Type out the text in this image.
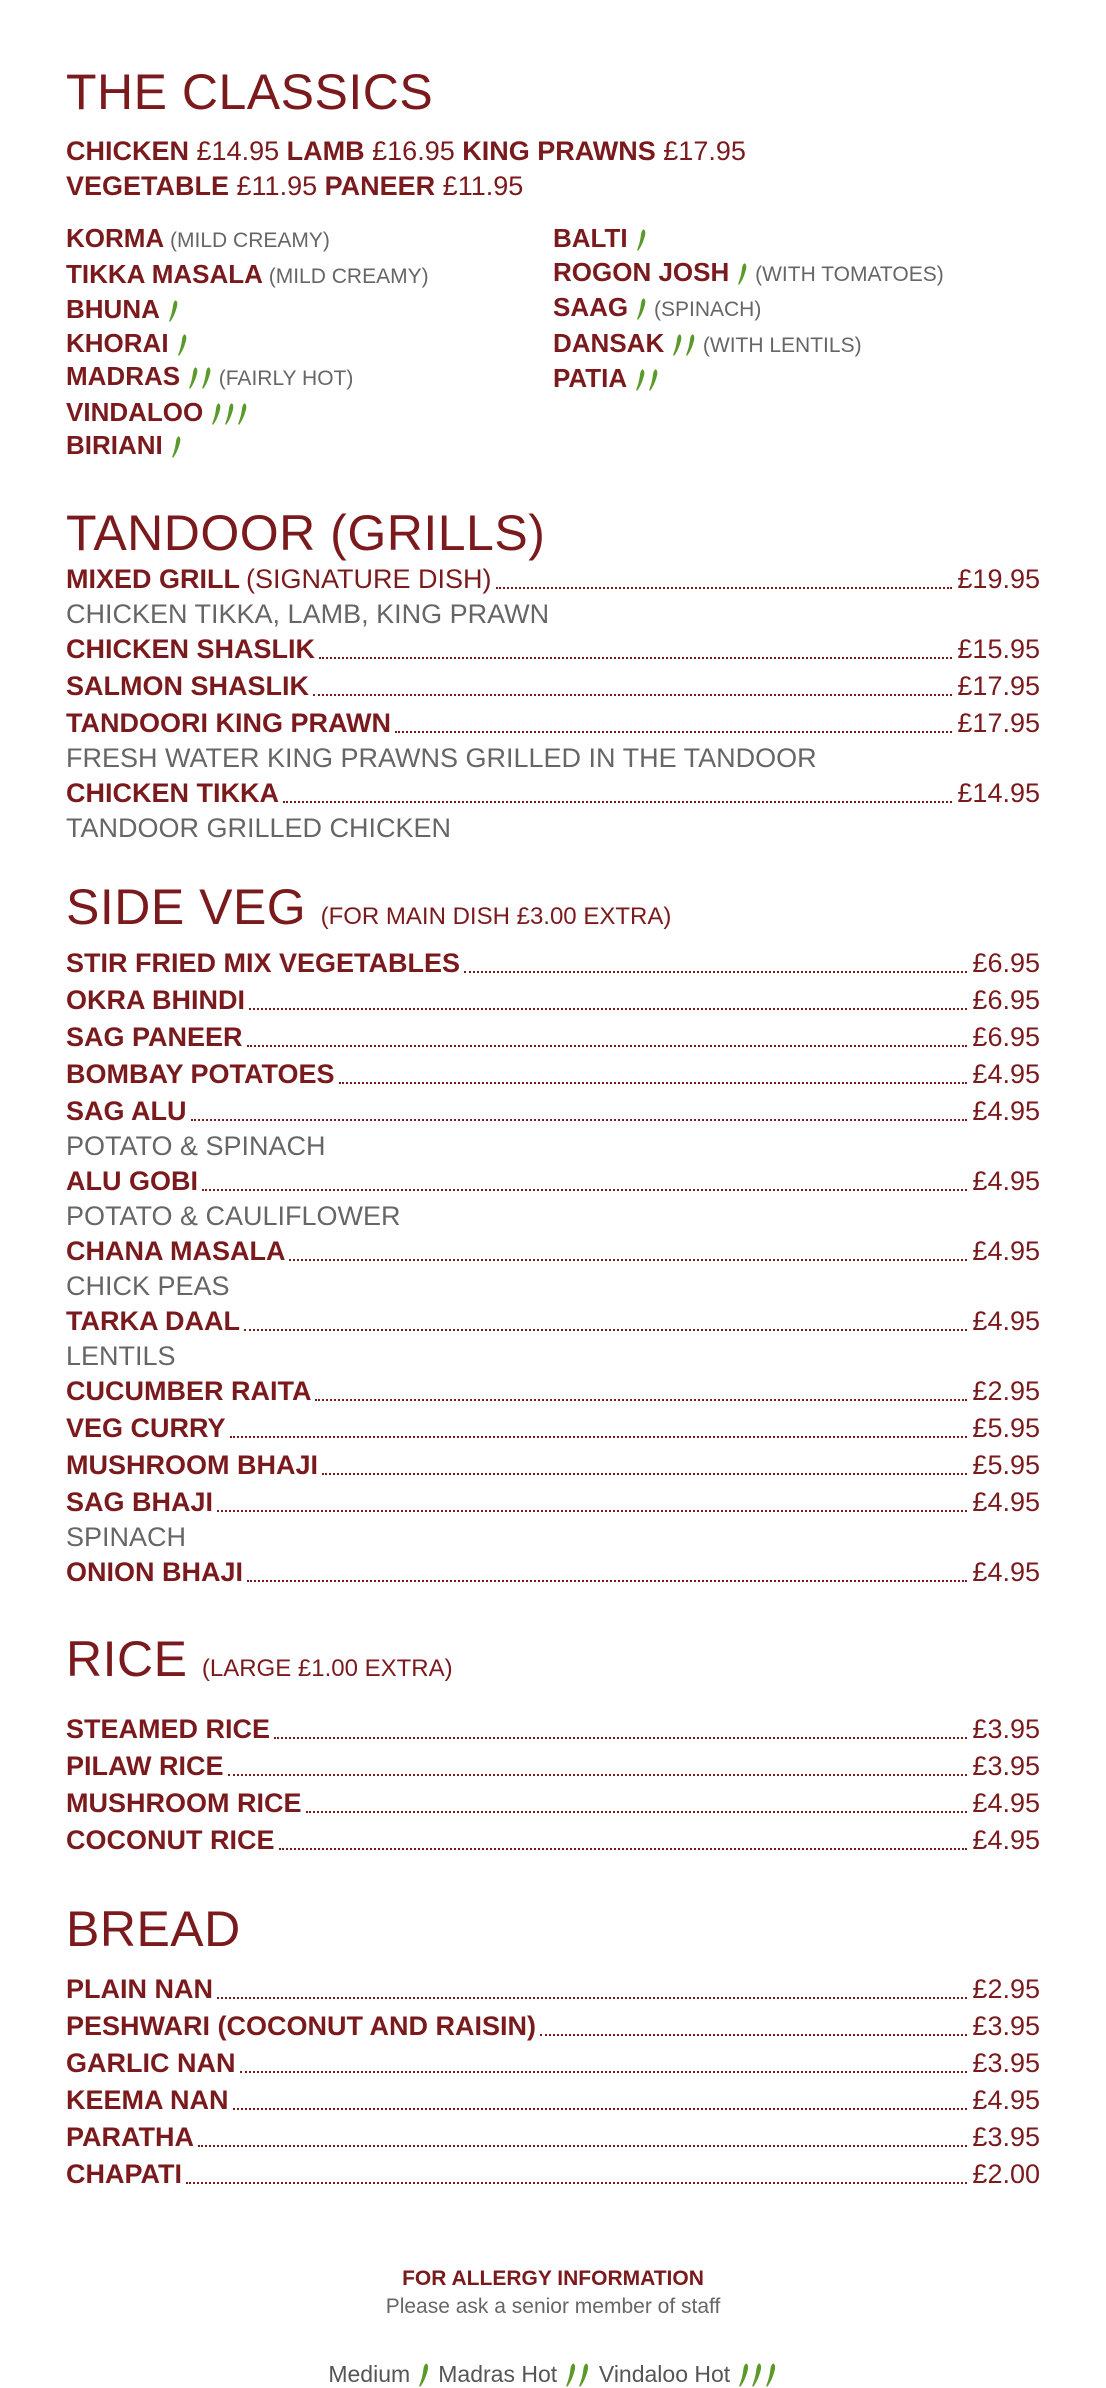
THE CLASSICS
CHICKEN £14.95 LAMB £16.95 KING PRAWNS £17.95
VEGETABLE £11.95 PANEER £11.95
KORMA (MILD CREAMY)
TIKKA MASALA (MILD CREAMY)
BHUNA
KHORAI
MADRAS  (FAIRLY HOT)
VINDALOO
BIRIANI
BALTI
ROGON JOSH  (WITH TOMATOES)
SAAG  (SPINACH)
DANSAK  (WITH LENTILS)
PATIA
TANDOOR (GRILLS)
MIXED GRILL (SIGNATURE DISH)	£19.95
CHICKEN TIKKA, LAMB, KING PRAWN
CHICKEN SHASLIK	£15.95
SALMON SHASLIK	£17.95
TANDOORI KING PRAWN	£17.95
FRESH WATER KING PRAWNS GRILLED IN THE TANDOOR
CHICKEN TIKKA	£14.95
TANDOOR GRILLED CHICKEN
SIDE VEG (FOR MAIN DISH £3.00 EXTRA)
STIR FRIED MIX VEGETABLES	£6.95
OKRA BHINDI	£6.95
SAG PANEER	£6.95
BOMBAY POTATOES	£4.95
SAG ALU	£4.95
POTATO & SPINACH
ALU GOBI	£4.95
POTATO & CAULIFLOWER
CHANA MASALA	£4.95
CHICK PEAS
TARKA DAAL	£4.95
LENTILS
CUCUMBER RAITA	£2.95
VEG CURRY	£5.95
MUSHROOM BHAJI	£5.95
SAG BHAJI	£4.95
SPINACH
ONION BHAJI	£4.95
RICE (LARGE £1.00 EXTRA)
STEAMED RICE	£3.95
PILAW RICE	£3.95
MUSHROOM RICE	£4.95
COCONUT RICE	£4.95
BREAD
PLAIN NAN	£2.95
PESHWARI (COCONUT AND RAISIN)	£3.95
GARLIC NAN	£3.95
KEEMA NAN	£4.95
PARATHA	£3.95
CHAPATI	£2.00
FOR ALLERGY INFORMATION
Please ask a senior member of staff
Medium Madras Hot Vindaloo Hot
